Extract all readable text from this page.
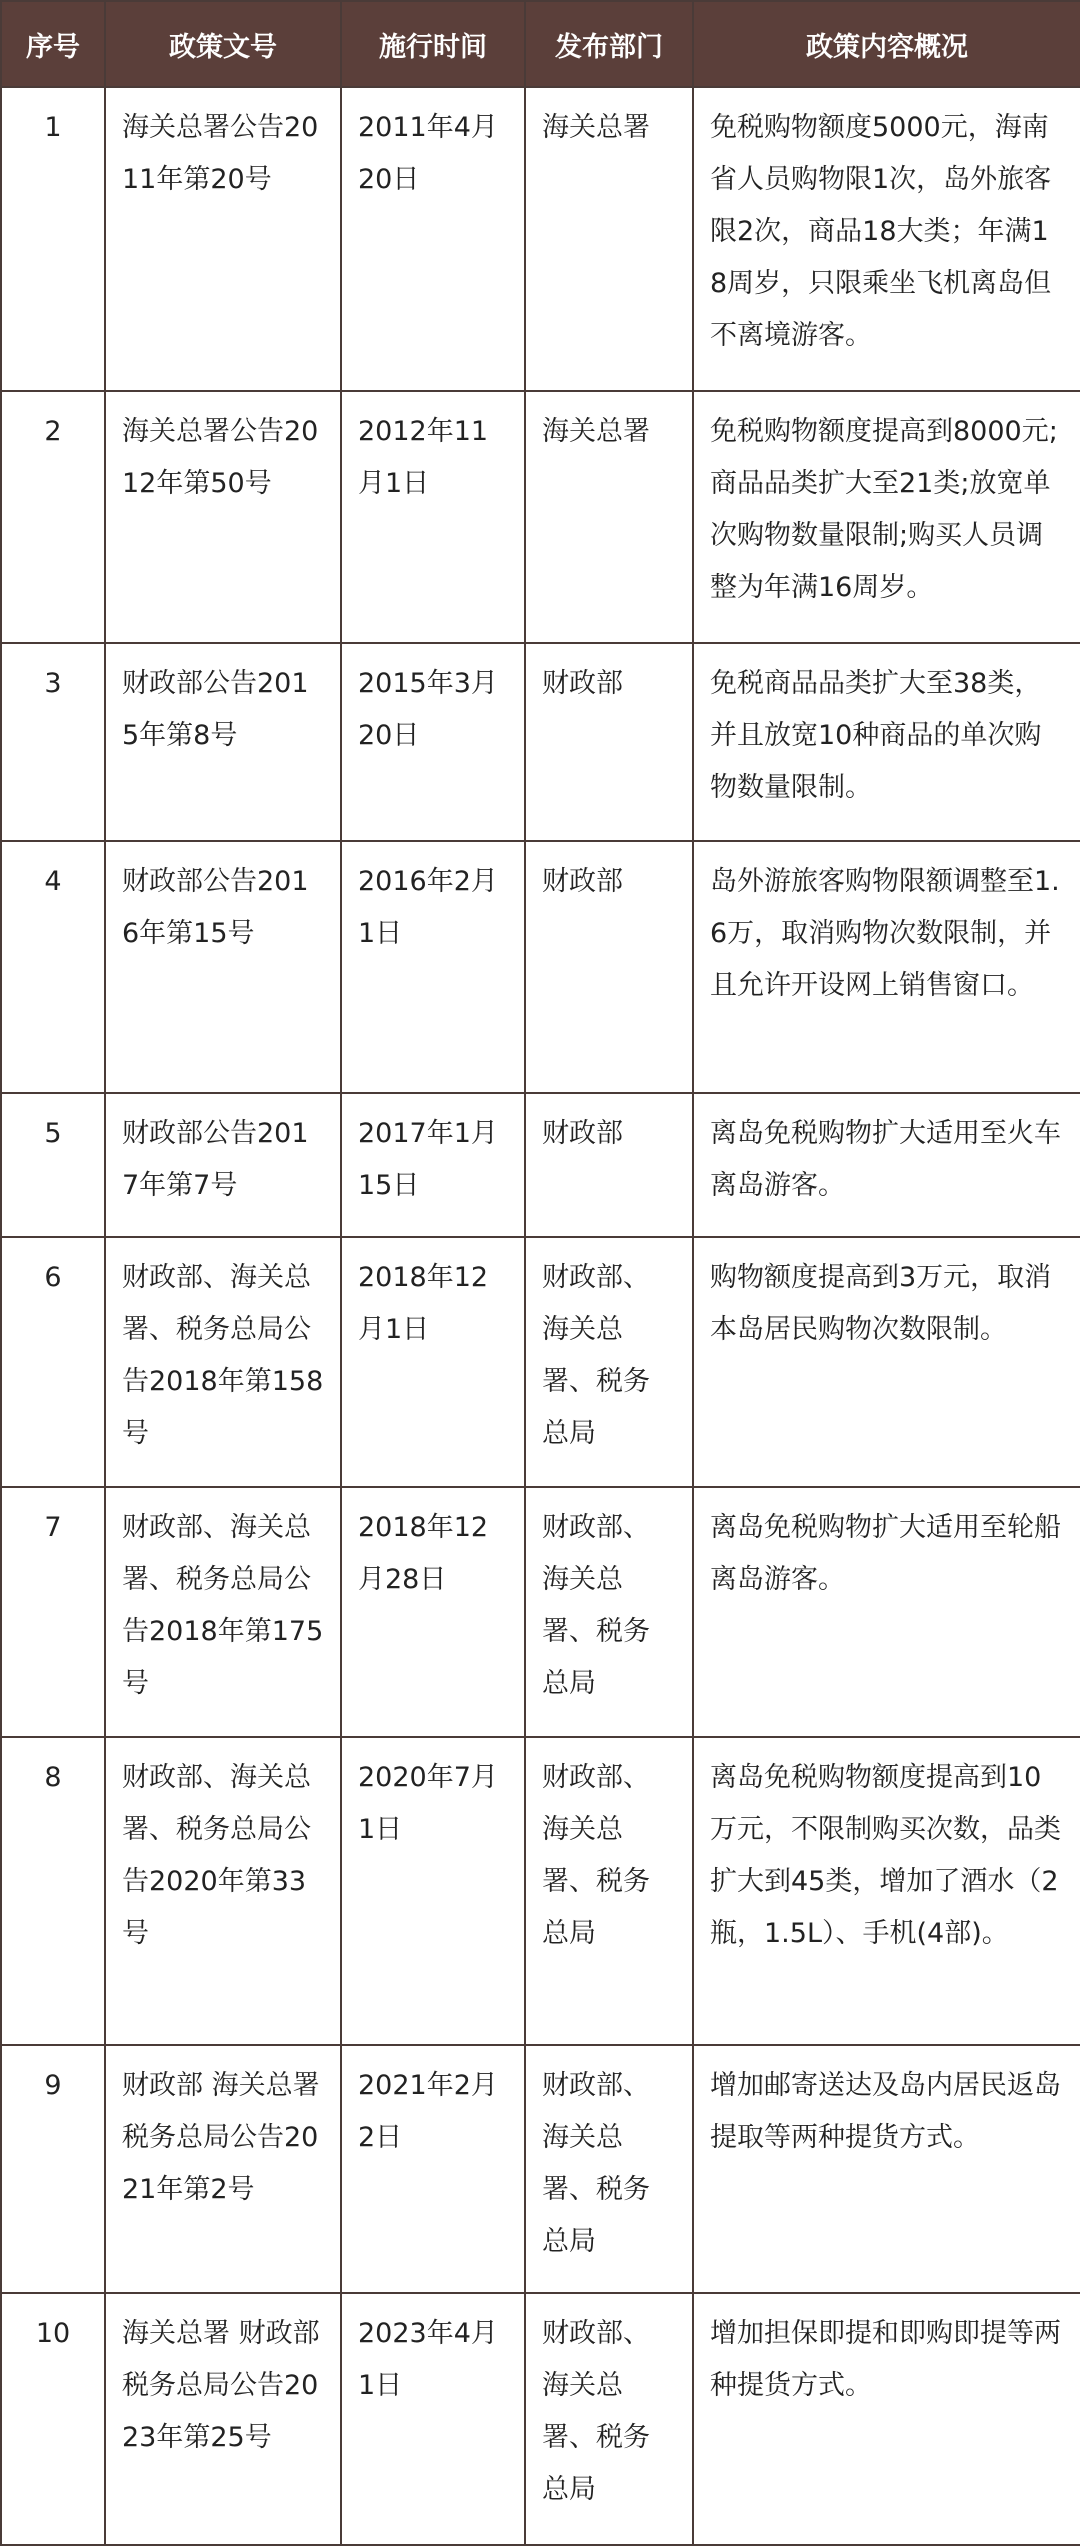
序号	政策文号	施行时间	发布部门	政策内容概况
1	海关总署公告2011年第20号	2011年4月20日	海关总署	免税购物额度5000元，海南省人员购物限1次，岛外旅客限2次，商品18大类；年满18周岁，只限乘坐飞机离岛但不离境游客。
2	海关总署公告2012年第50号	2012年11月1日	海关总署	免税购物额度提高到8000元;商品品类扩大至21类;放宽单次购物数量限制;购买人员调整为年满16周岁。
3	财政部公告2015年第8号	2015年3月20日	财政部	免税商品品类扩大至38类，并且放宽10种商品的单次购物数量限制。
4	财政部公告2016年第15号	2016年2月1日	财政部	岛外游旅客购物限额调整至1.6万，取消购物次数限制，并且允许开设网上销售窗口。
5	财政部公告2017年第7号	2017年1月15日	财政部	离岛免税购物扩大适用至火车离岛游客。
6	财政部、海关总署、税务总局公告2018年第158号	2018年12月1日	财政部、海关总署、税务总局	购物额度提高到3万元，取消本岛居民购物次数限制。
7	财政部、海关总署、税务总局公告2018年第175号	2018年12月28日	财政部、海关总署、税务总局	离岛免税购物扩大适用至轮船离岛游客。
8	财政部、海关总署、税务总局公告2020年第33号	2020年7月1日	财政部、海关总署、税务总局	离岛免税购物额度提高到10万元，不限制购买次数，品类扩大到45类，增加了酒水（2瓶，1.5L）、手机(4部)。
9	财政部 海关总署 税务总局公告2021年第2号	2021年2月2日	财政部、海关总署、税务总局	增加邮寄送达及岛内居民返岛提取等两种提货方式。
10	海关总署 财政部 税务总局公告2023年第25号	2023年4月1日	财政部、海关总署、税务总局	增加担保即提和即购即提等两种提货方式。
